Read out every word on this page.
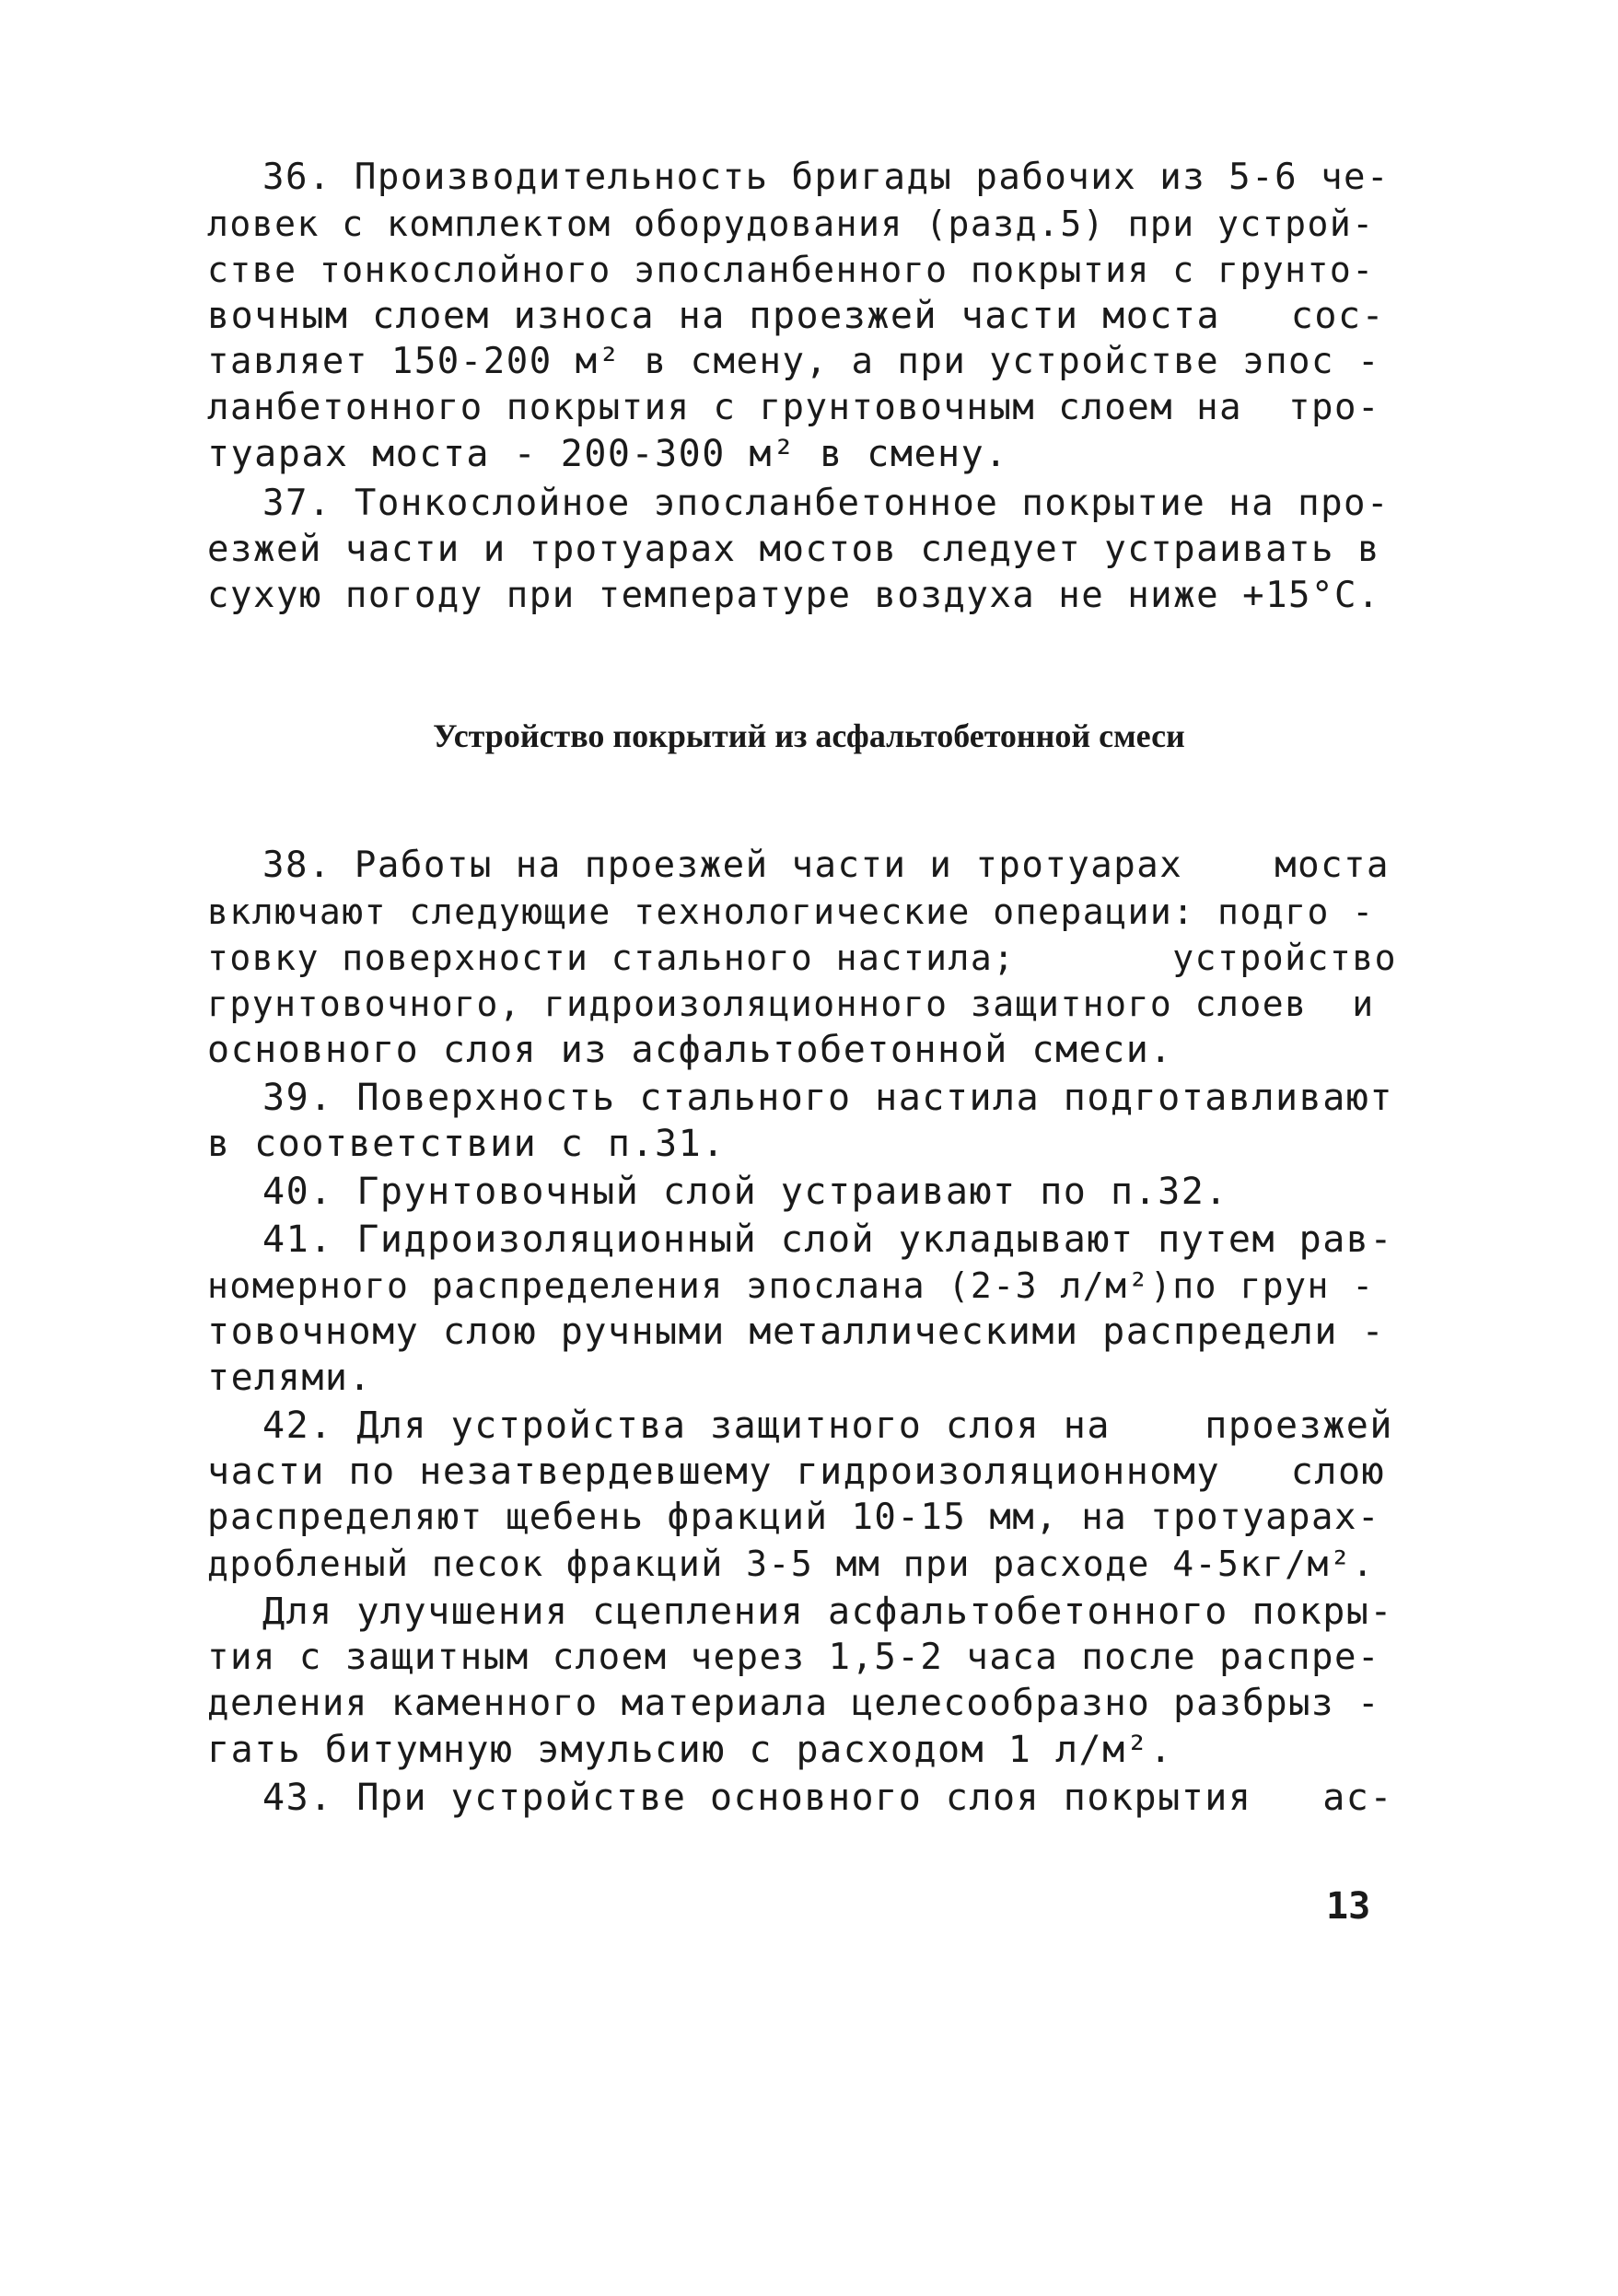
36. Производительность бригады рабочих из 5-6 че-
ловек с комплектом оборудования (разд.5) при устрой-
стве тонкослойного эпосланбенного покрытия с грунто-
вочным слоем износа на проезжей части моста   сос-
тавляет 150-200 м² в смену, а при устройстве эпос -
ланбетонного покрытия с грунтовочным слоем на  тро-
туарах моста - 200-300 м² в смену.
37. Тонкослойное эпосланбетонное покрытие на про-
езжей части и тротуарах мостов следует устраивать в
сухую погоду при температуре воздуха не ниже +15°С.
Устройство покрытий из асфальтобетонной смеси
38. Работы на проезжей части и тротуарах    моста
включают следующие технологические операции: подго -
товку поверхности стального настила;       устройство
грунтовочного, гидроизоляционного защитного слоев  и
основного слоя из асфальтобетонной смеси.
39. Поверхность стального настила подготавливают
в соответствии с п.31.
40. Грунтовочный слой устраивают по п.32.
41. Гидроизоляционный слой укладывают путем рав-
номерного распределения эпослана (2-3 л/м²)по грун -
товочному слою ручными металлическими распредели -
телями.
42. Для устройства защитного слоя на    проезжей
части по незатвердевшему гидроизоляционному   слою
распределяют щебень фракций 10-15 мм, на тротуарах-
дробленый песок фракций 3-5 мм при расходе 4-5кг/м².
Для улучшения сцепления асфальтобетонного покры-
тия с защитным слоем через 1,5-2 часа после распре-
деления каменного материала целесообразно разбрыз -
гать битумную эмульсию с расходом 1 л/м².
43. При устройстве основного слоя покрытия   ас-
13
